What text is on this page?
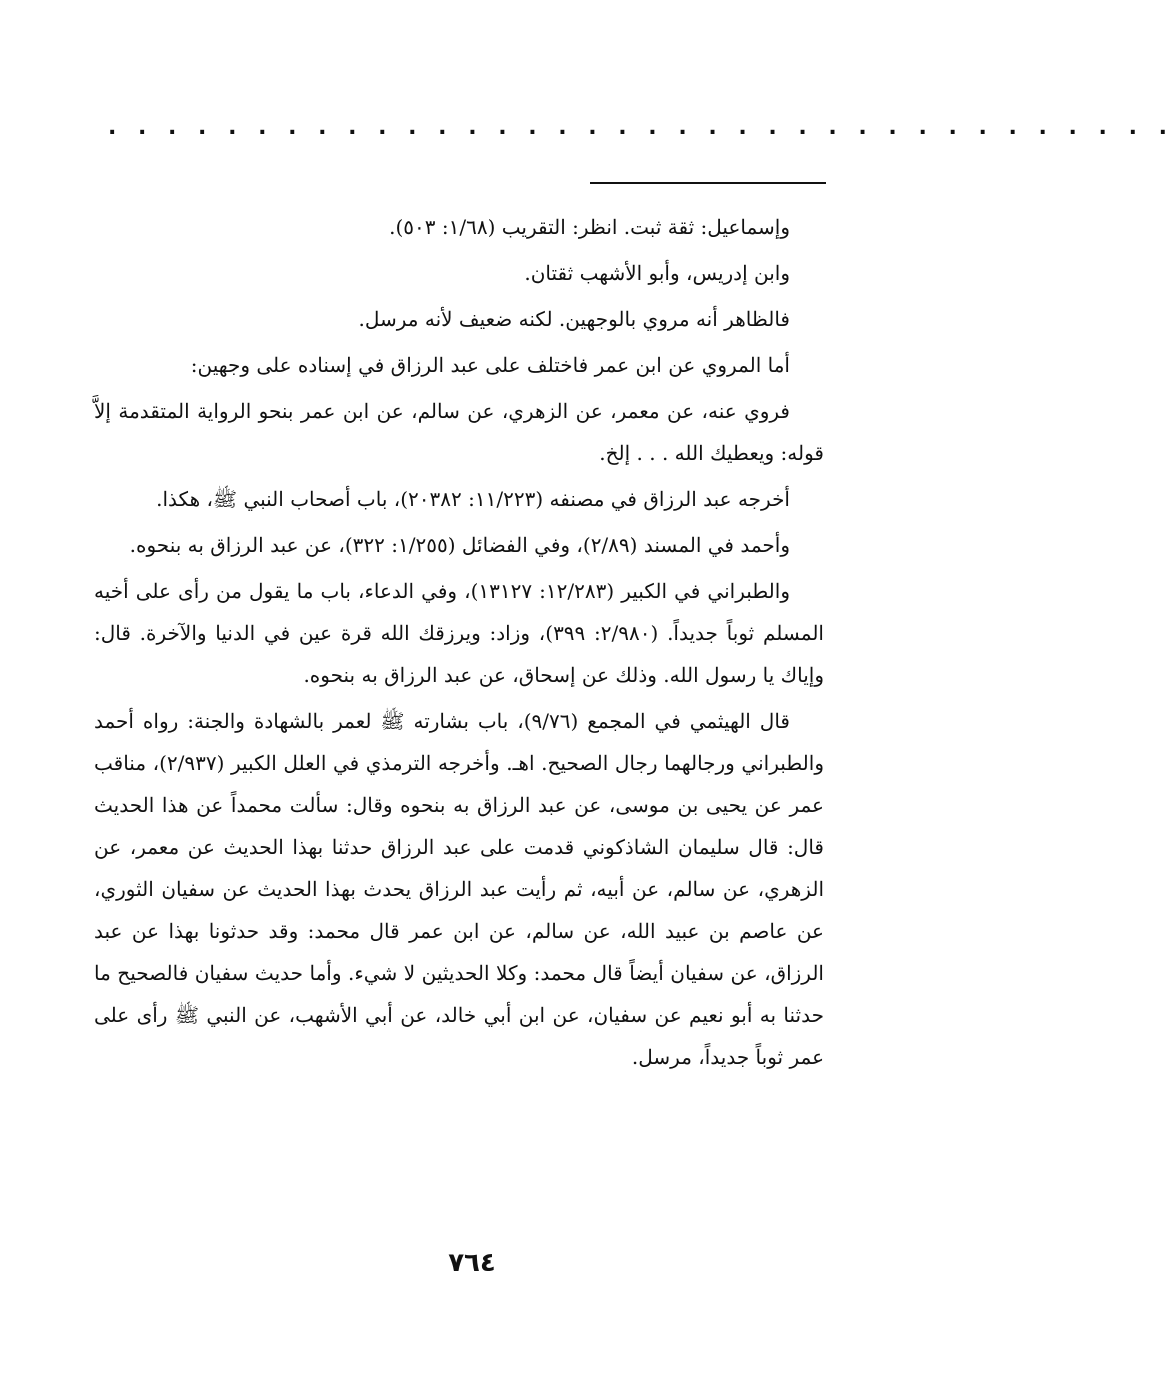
. . . . . . . . . . . . . . . . . . . . . . . . . . . . . . . . . . . .

وإسماعيل: ثقة ثبت. انظر: التقريب (١/٦٨: ٥٠٣).

وابن إدريس، وأبو الأشهب ثقتان.

فالظاهر أنه مروي بالوجهين. لكنه ضعيف لأنه مرسل.

أما المروي عن ابن عمر فاختلف على عبد الرزاق في إسناده على وجهين:

فروي عنه، عن معمر، عن الزهري، عن سالم، عن ابن عمر بنحو الرواية المتقدمة إلاَّ قوله: ويعطيك الله . . . إلخ.

أخرجه عبد الرزاق في مصنفه (١١/٢٢٣: ٢٠٣٨٢)، باب أصحاب النبي ﷺ، هكذا.

وأحمد في المسند (٢/٨٩)، وفي الفضائل (١/٢٥٥: ٣٢٢)، عن عبد الرزاق به بنحوه.

والطبراني في الكبير (١٢/٢٨٣: ١٣١٢٧)، وفي الدعاء، باب ما يقول من رأى على أخيه المسلم ثوباً جديداً. (٢/٩٨٠: ٣٩٩)، وزاد: ويرزقك الله قرة عين في الدنيا والآخرة. قال: وإياك يا رسول الله. وذلك عن إسحاق، عن عبد الرزاق به بنحوه.

قال الهيثمي في المجمع (٩/٧٦)، باب بشارته ﷺ لعمر بالشهادة والجنة: رواه أحمد والطبراني ورجالهما رجال الصحيح. اهـ. وأخرجه الترمذي في العلل الكبير (٢/٩٣٧)، مناقب عمر عن يحيى بن موسى، عن عبد الرزاق به بنحوه وقال: سألت محمداً عن هذا الحديث قال: قال سليمان الشاذكوني قدمت على عبد الرزاق حدثنا بهذا الحديث عن معمر، عن الزهري، عن سالم، عن أبيه، ثم رأيت عبد الرزاق يحدث بهذا الحديث عن سفيان الثوري، عن عاصم بن عبيد الله، عن سالم، عن ابن عمر قال محمد: وقد حدثونا بهذا عن عبد الرزاق، عن سفيان أيضاً قال محمد: وكلا الحديثين لا شيء. وأما حديث سفيان فالصحيح ما حدثنا به أبو نعيم عن سفيان، عن ابن أبي خالد، عن أبي الأشهب، عن النبي ﷺ رأى على عمر ثوباً جديداً، مرسل.

٧٦٤
